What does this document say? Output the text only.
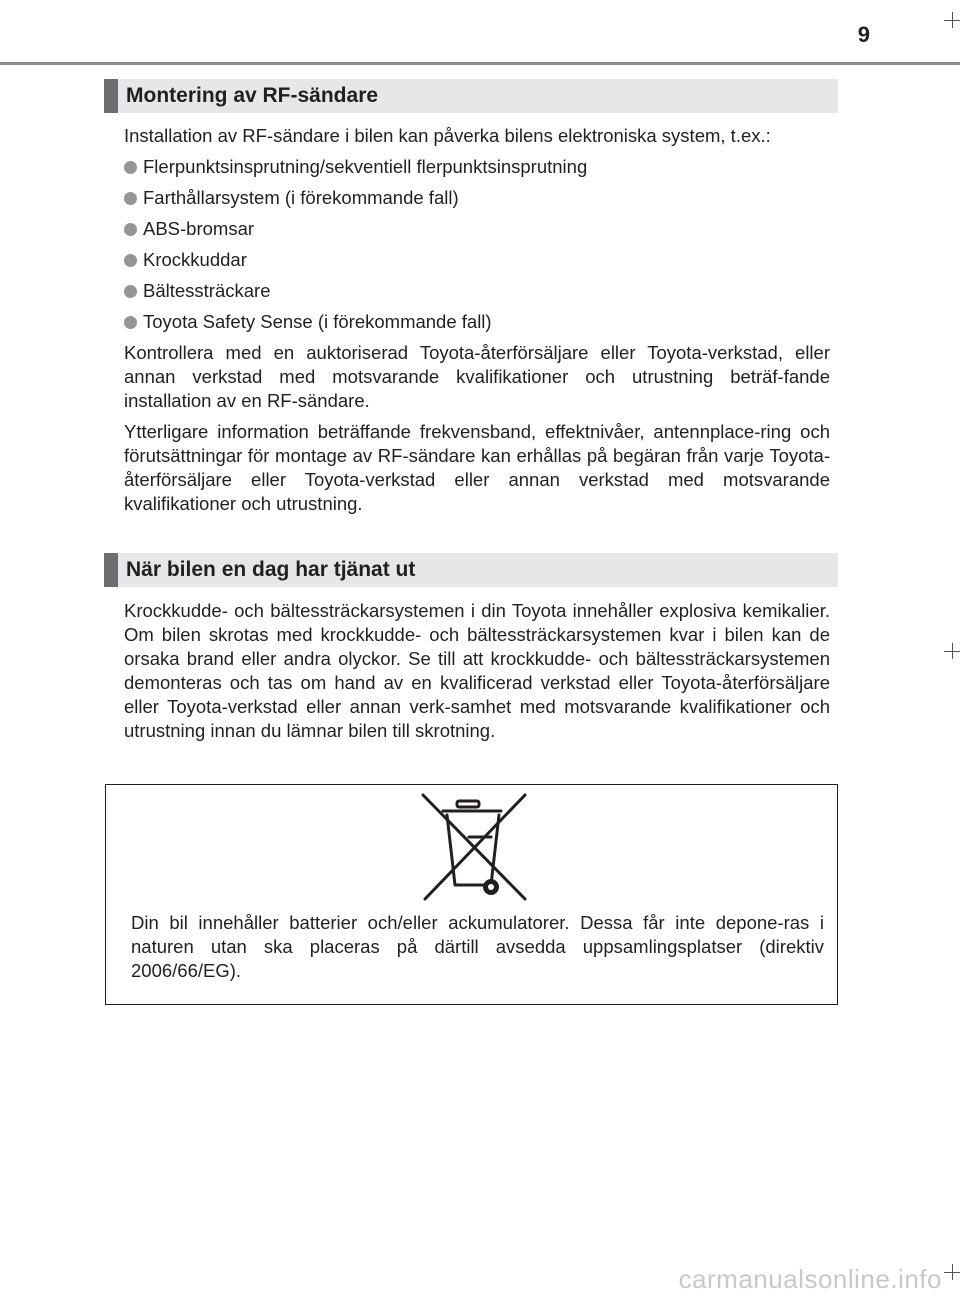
9
Montering av RF-sändare

Installation av RF-sändare i bilen kan påverka bilens elektroniska system, t.ex.:

Flerpunktsinsprutning/sekventiell flerpunktsinsprutning
Farthållarsystem (i förekommande fall)
ABS-bromsar
Krockkuddar
Bältessträckare
Toyota Safety Sense (i förekommande fall)

Kontrollera med en auktoriserad Toyota-återförsäljare eller Toyota-verkstad, eller annan verkstad med motsvarande kvalifikationer och utrustning beträf-fande installation av en RF-sändare.

Ytterligare information beträffande frekvensband, effektnivåer, antennplace-ring och förutsättningar för montage av RF-sändare kan erhållas på begäran från varje Toyota-återförsäljare eller Toyota-verkstad eller annan verkstad med motsvarande kvalifikationer och utrustning.

När bilen en dag har tjänat ut

Krockkudde- och bältessträckarsystemen i din Toyota innehåller explosiva kemikalier. Om bilen skrotas med krockkudde- och bältessträckarsystemen kvar i bilen kan de orsaka brand eller andra olyckor. Se till att krockkudde- och bältessträckarsystemen demonteras och tas om hand av en kvalificerad verkstad eller Toyota-återförsäljare eller Toyota-verkstad eller annan verk-samhet med motsvarande kvalifikationer och utrustning innan du lämnar bilen till skrotning.

Din bil innehåller batterier och/eller ackumulatorer. Dessa får inte depone-ras i naturen utan ska placeras på därtill avsedda uppsamlingsplatser (direktiv 2006/66/EG).
carmanualsonline.info
